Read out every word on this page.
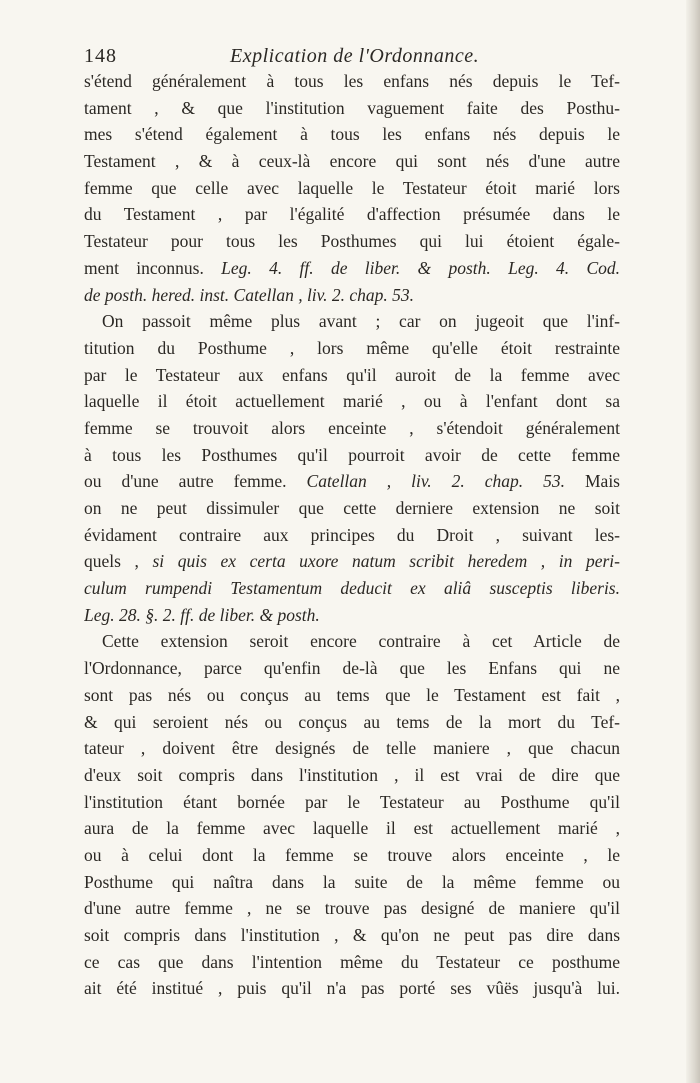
148	Explication de l'Ordonnance.
s'étend généralement à tous les enfans nés depuis le Tef-
tament , & que l'institution vaguement faite des Posthu-
mes s'étend également à tous les enfans nés depuis le
Testament , & à ceux-là encore qui sont nés d'une autre
femme que celle avec laquelle le Testateur étoit marié lors
du Testament , par l'égalité d'affection présumée dans le
Testateur pour tous les Posthumes qui lui étoient égale-
ment inconnus. Leg. 4. ff. de liber. & posth. Leg. 4. Cod.
de posth. hered. inst. Catellan , liv. 2. chap. 53.
On passoit même plus avant ; car on jugeoit que l'inf-
titution du Posthume , lors même qu'elle étoit restrainte
par le Testateur aux enfans qu'il auroit de la femme avec
laquelle il étoit actuellement marié , ou à l'enfant dont sa
femme se trouvoit alors enceinte , s'étendoit généralement
à tous les Posthumes qu'il pourroit avoir de cette femme
ou d'une autre femme. Catellan , liv. 2. chap. 53. Mais
on ne peut dissimuler que cette derniere extension ne soit
évidament contraire aux principes du Droit , suivant les-
quels , si quis ex certa uxore natum scribit heredem , in peri-
culum rumpendi Testamentum deducit ex aliâ susceptis liberis.
Leg. 28. §. 2. ff. de liber. & posth.
Cette extension seroit encore contraire à cet Article de
l'Ordonnance, parce qu'enfin de-là que les Enfans qui ne
sont pas nés ou conçus au tems que le Testament est fait ,
& qui seroient nés ou conçus au tems de la mort du Tef-
tateur , doivent être designés de telle maniere , que chacun
d'eux soit compris dans l'institution , il est vrai de dire que
l'institution étant bornée par le Testateur au Posthume qu'il
aura de la femme avec laquelle il est actuellement marié ,
ou à celui dont la femme se trouve alors enceinte , le
Posthume qui naîtra dans la suite de la même femme ou
d'une autre femme , ne se trouve pas designé de maniere qu'il
soit compris dans l'institution , & qu'on ne peut pas dire dans
ce cas que dans l'intention même du Testateur ce posthume
ait été institué , puis qu'il n'a pas porté ses vûës jusqu'à lui.
